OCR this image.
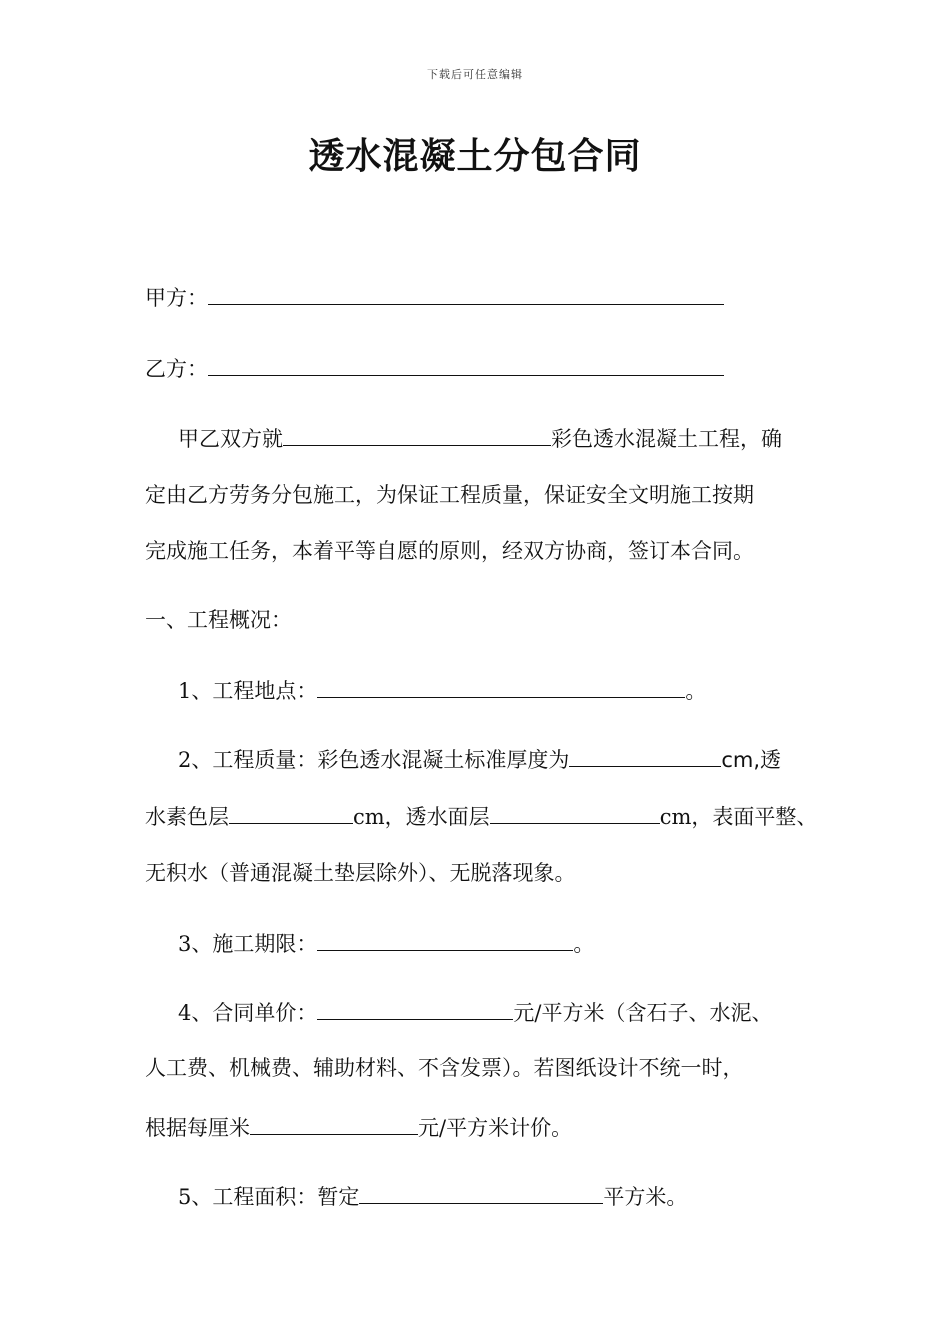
下载后可任意编辑
透水混凝土分包合同
甲方：
乙方：
甲乙双方就	彩色透水混凝土工程，确
定由乙方劳务分包施工，为保证工程质量，保证安全文明施工按期
完成施工任务，本着平等自愿的原则，经双方协商，签订本合同。
一、工程概况：
1、工程地点：	。
2、工程质量：彩色透水混凝土标准厚度为	cm,透
水素色层	cm，透水面层	cm，表面平整、
无积水（普通混凝土垫层除外）、无脱落现象。
3、施工期限：	。
4、合同单价：	元/平方米（含石子、水泥、
人工费、机械费、辅助材料、不含发票）。若图纸设计不统一时，
根据每厘米	元/平方米计价。
5、工程面积：暂定	平方米。
